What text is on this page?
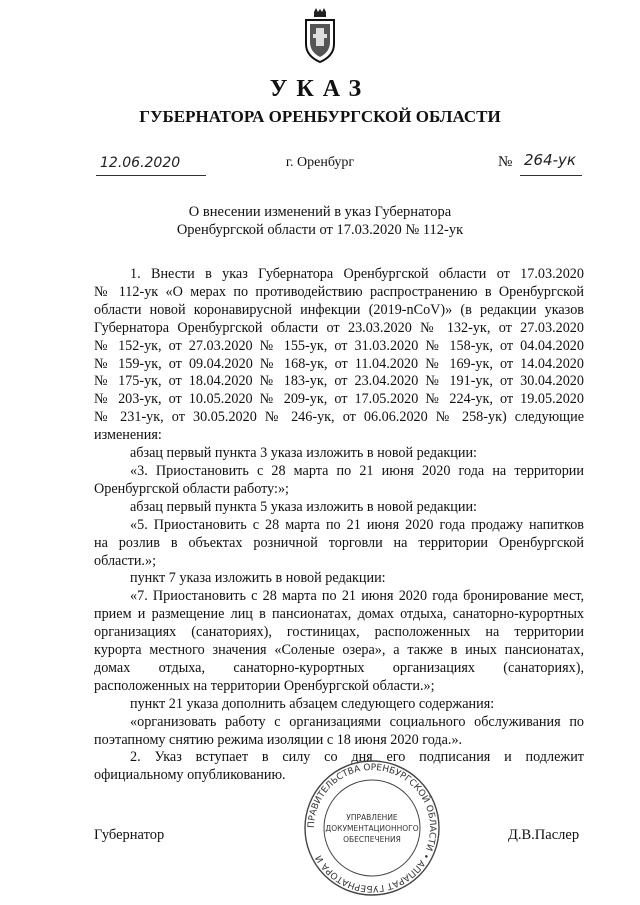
УКАЗ
ГУБЕРНАТОРА ОРЕНБУРГСКОЙ ОБЛАСТИ
12.06.2020	г. Оренбург	№ 264-ук
О внесении изменений в указ Губернатора
Оренбургской области от 17.03.2020 № 112-ук

1. Внести в указ Губернатора Оренбургской области от 17.03.2020

№ 112-ук «О мерах по противодействию распространению в Оренбургской

области новой коронавирусной инфекции (2019-nCoV)» (в редакции указов

Губернатора Оренбургской области от 23.03.2020 № 132-ук, от 27.03.2020

№ 152-ук, от 27.03.2020 № 155-ук, от 31.03.2020 № 158-ук, от 04.04.2020

№ 159-ук, от 09.04.2020 № 168-ук, от 11.04.2020 № 169-ук, от 14.04.2020

№ 175-ук, от 18.04.2020 № 183-ук, от 23.04.2020 № 191-ук, от 30.04.2020

№ 203-ук, от 10.05.2020 № 209-ук, от 17.05.2020 № 224-ук, от 19.05.2020

№ 231-ук, от 30.05.2020 № 246-ук, от 06.06.2020 № 258-ук) следующие

изменения:

абзац первый пункта 3 указа изложить в новой редакции:

«3. Приостановить с 28 марта по 21 июня 2020 года на территории

Оренбургской области работу:»;

абзац первый пункта 5 указа изложить в новой редакции:

«5. Приостановить с 28 марта по 21 июня 2020 года продажу напитков

на розлив в объектах розничной торговли на территории Оренбургской

области.»;

пункт 7 указа изложить в новой редакции:

«7. Приостановить с 28 марта по 21 июня 2020 года бронирование мест,

прием и размещение лиц в пансионатах, домах отдыха, санаторно-курортных

организациях (санаториях), гостиницах, расположенных на территории

курорта местного значения «Соленые озера», а также в иных пансионатах,

домах отдыха, санаторно-курортных организациях (санаториях),

расположенных на территории Оренбургской области.»;

пункт 21 указа дополнить абзацем следующего содержания:

«организовать работу с организациями социального обслуживания по

поэтапному снятию режима изоляции с 18 июня 2020 года.».

2. Указ вступает в силу со дня его подписания и подлежит

официальному опубликованию.

ПРАВИТЕЛЬСТВА ОРЕНБУРГСКОЙ ОБЛАСТИ • АППАРАТ ГУБЕРНАТОРА И
УПРАВЛЕНИЕ
ДОКУМЕНТАЦИОННОГО
ОБЕСПЕЧЕНИЯ
Губернатор	Д.В.Паслер
